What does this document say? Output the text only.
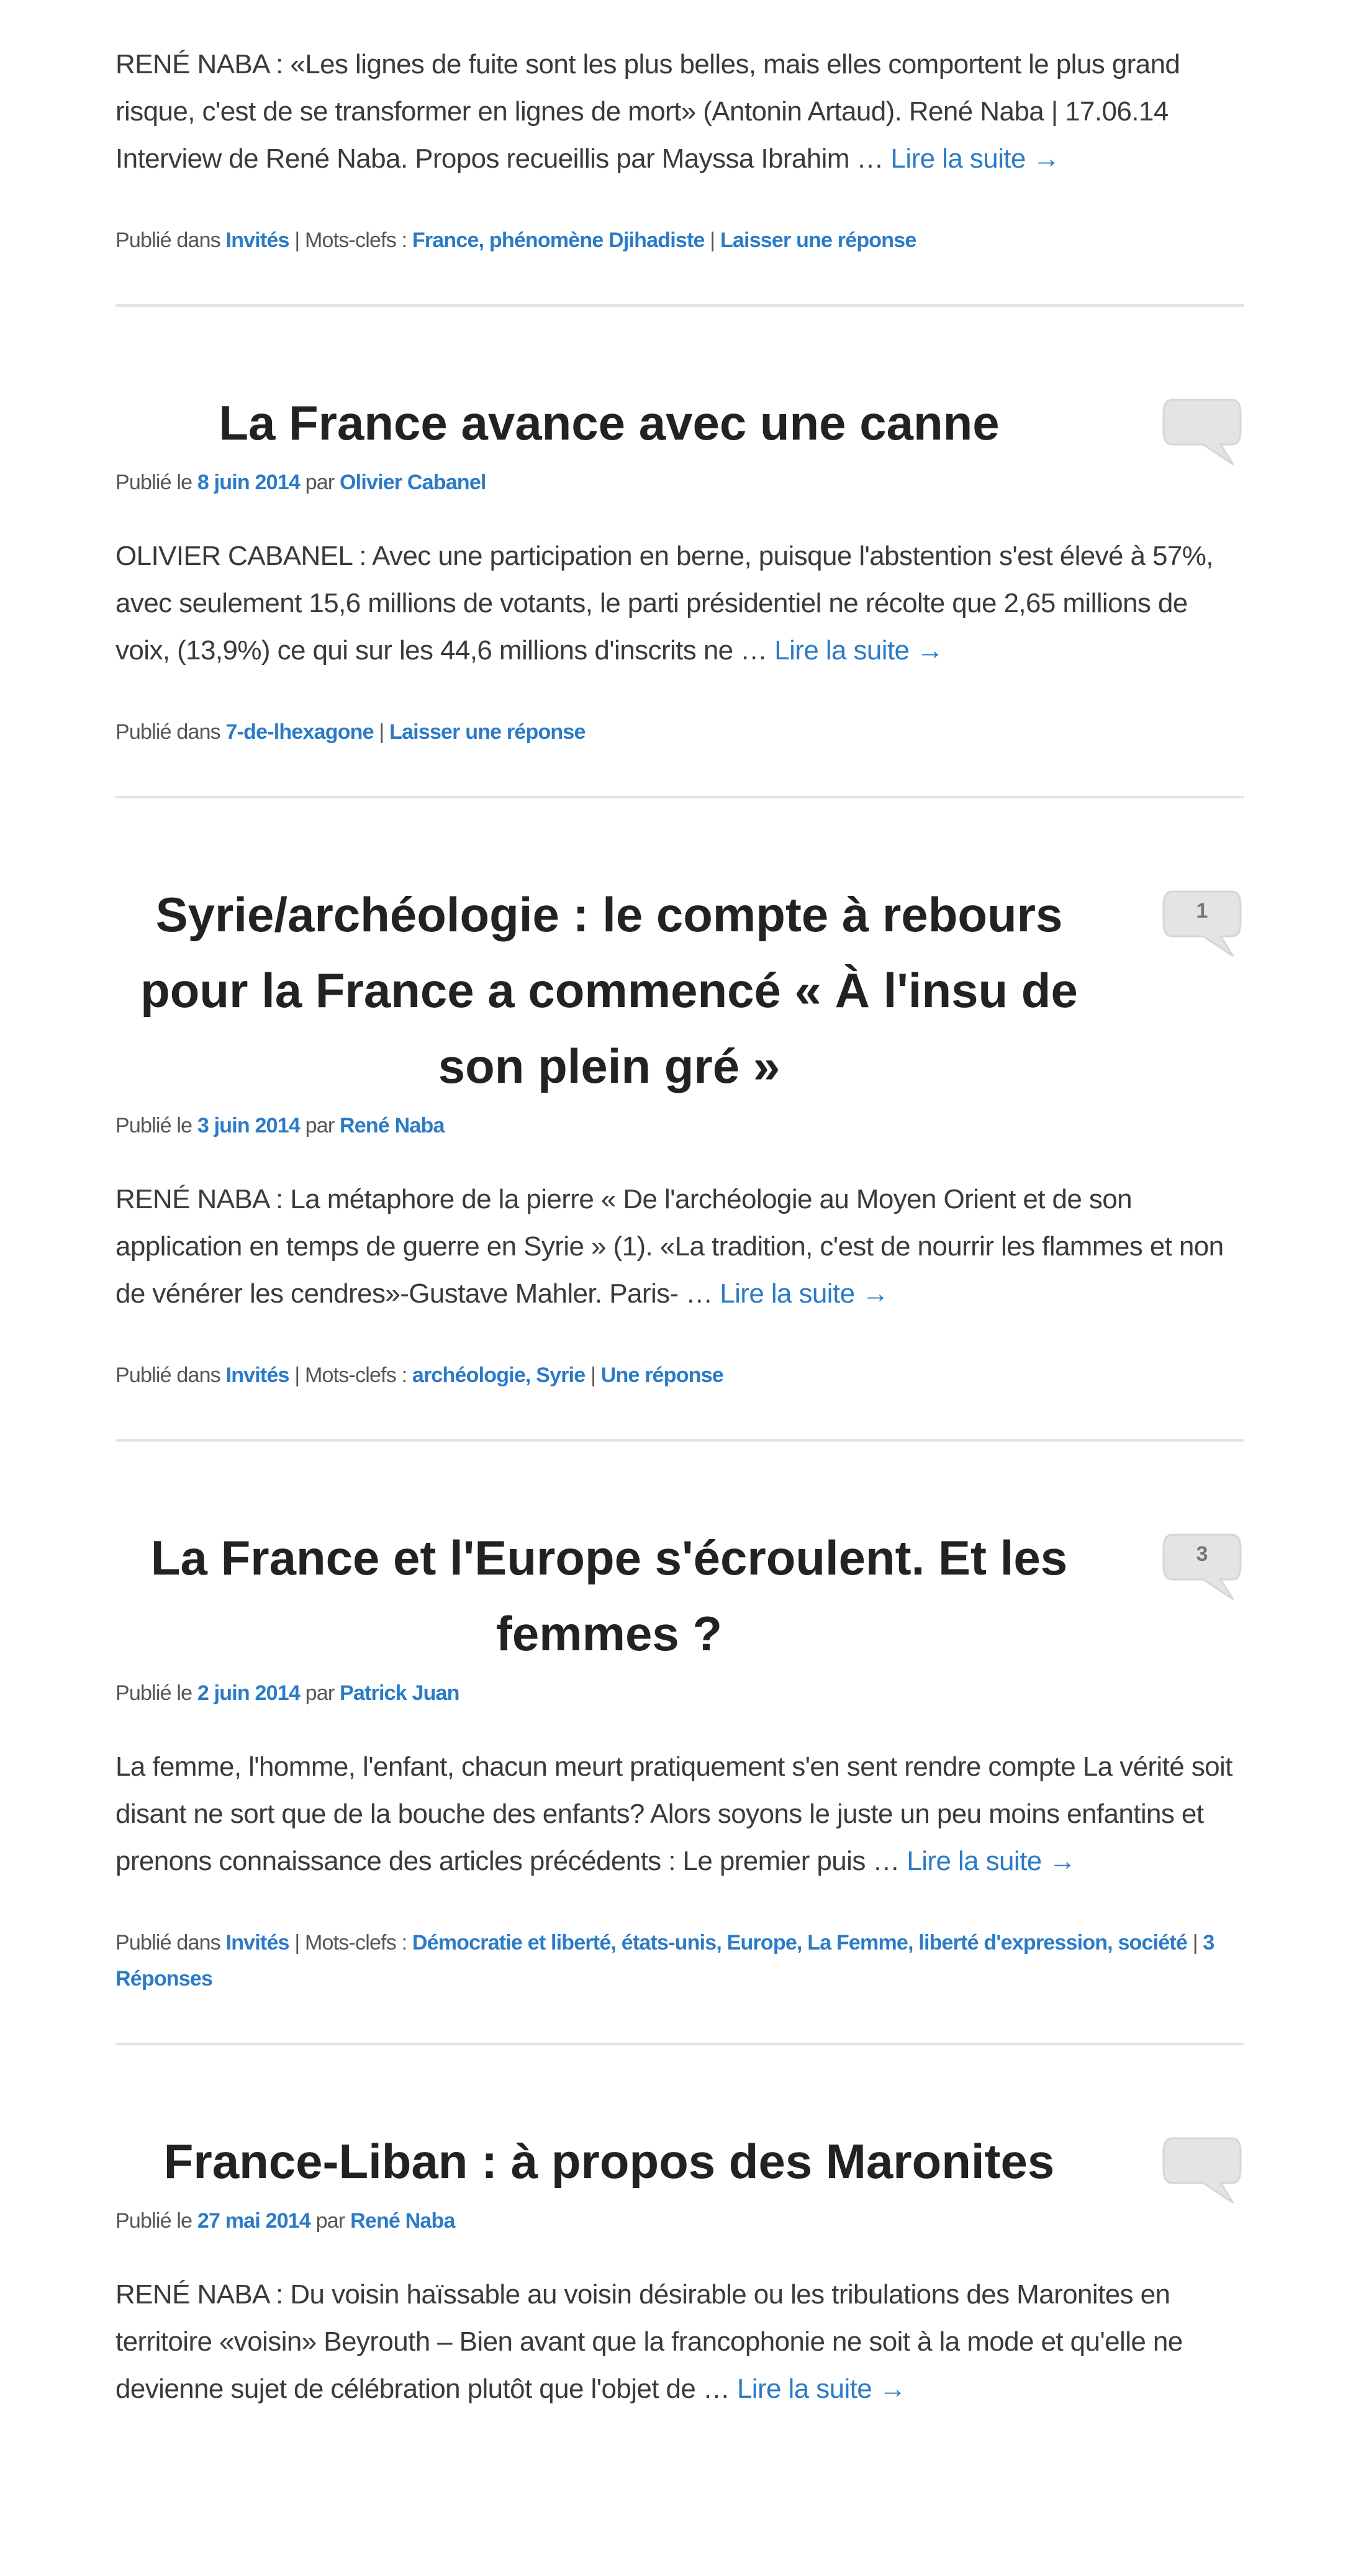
RENÉ NABA : «Les lignes de fuite sont les plus belles, mais elles comportent le plus grand risque, c'est de se transformer en lignes de mort» (Antonin Artaud). René Naba | 17.06.14 Interview de René Naba. Propos recueillis par Mayssa Ibrahim … Lire la suite →

Publié dans Invités | Mots-clefs : France, phénomène Djihadiste | Laisser une réponse
La France avance avec une canne
Publié le 8 juin 2014 par Olivier Cabanel

OLIVIER CABANEL : Avec une participation en berne, puisque l'abstention s'est élevé à 57%, avec seulement 15,6 millions de votants, le parti présidentiel ne récolte que 2,65 millions de voix, (13,9%) ce qui sur les 44,6 millions d'inscrits ne … Lire la suite →

Publié dans 7-de-lhexagone | Laisser une réponse
Syrie/archéologie : le compte à rebours pour la France a commencé « À l'insu de son plein gré »
1
Publié le 3 juin 2014 par René Naba

RENÉ NABA : La métaphore de la pierre « De l'archéologie au Moyen Orient et de son application en temps de guerre en Syrie » (1). «La tradition, c'est de nourrir les flammes et non de vénérer les cendres»-Gustave Mahler. Paris- … Lire la suite →

Publié dans Invités | Mots-clefs : archéologie, Syrie | Une réponse
La France et l'Europe s'écroulent. Et les femmes ?
3
Publié le 2 juin 2014 par Patrick Juan

La femme, l'homme, l'enfant, chacun meurt pratiquement s'en sent rendre compte La vérité soit disant ne sort que de la bouche des enfants? Alors soyons le juste un peu moins enfantins et prenons connaissance des articles précédents : Le premier puis … Lire la suite →

Publié dans Invités | Mots-clefs : Démocratie et liberté, états-unis, Europe, La Femme, liberté d'expression, société | 3 Réponses
France-Liban : à propos des Maronites
Publié le 27 mai 2014 par René Naba

RENÉ NABA : Du voisin haïssable au voisin désirable ou les tribulations des Maronites en territoire «voisin» Beyrouth – Bien avant que la francophonie ne soit à la mode et qu'elle ne devienne sujet de célébration plutôt que l'objet de … Lire la suite →
